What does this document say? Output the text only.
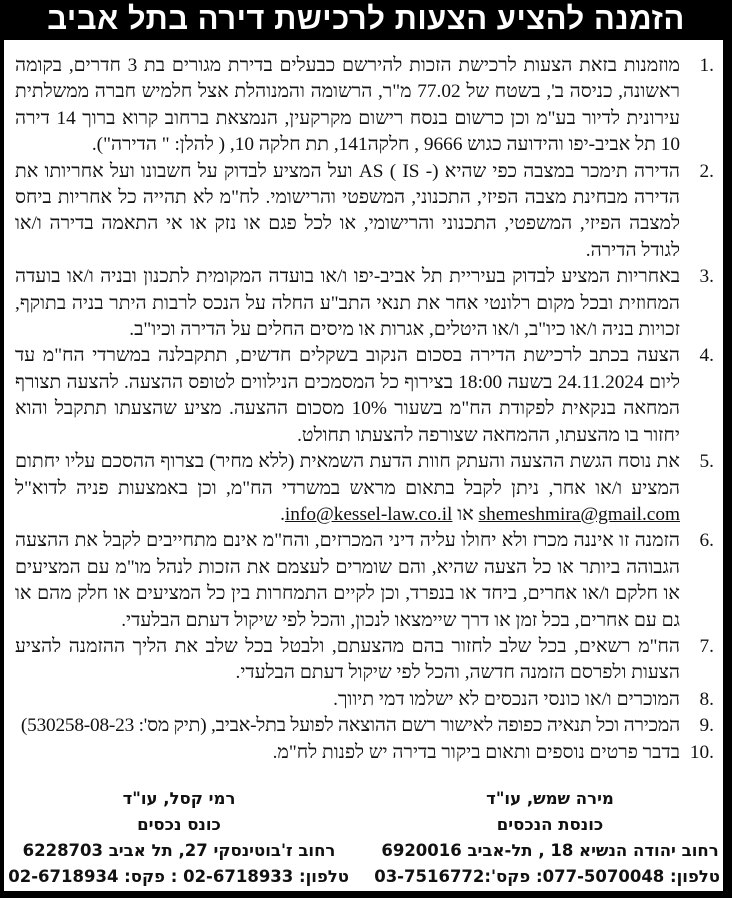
הזמנה להציע הצעות לרכישת דירה בתל אביב
1.
מוזמנות בזאת הצעות לרכישת הזכות להירשם כבעלים בדירת מגורים בת 3 חדרים, בקומה ראשונה, כניסה ב', בשטח של 77.02 מ"ר, הרשומה והמנוהלת אצל חלמיש חברה ממשלתית עירונית לדיור בע"מ וכן כרשום בנסח רישום מקרקעין, הנמצאת ברחוב קרוא ברוך 14 דירה 10 תל אביב-יפו והידועה כגוש 9666 , חלקה141, תת חלקה 10, ( להלן: " הדירה").
2.
הדירה תימכר במצבה כפי שהיא AS ( IS -) ועל המציע לבדוק על חשבונו ועל אחריותו את הדירה מבחינת מצבה הפיזי, התכנוני, המשפטי והרישומי. לח"מ לא תהייה כל אחריות ביחס למצבה הפיזי, המשפטי, התכנוני והרישומי, או לכל פגם או נזק או אי התאמה בדירה ו/או לגודל הדירה.
3.
באחריות המציע לבדוק בעיריית תל אביב-יפו ו/או בועדה המקומית לתכנון ובניה ו/או בועדה המחוזית ובכל מקום רלונטי אחר את תנאי התב"ע החלה על הנכס לרבות היתר בניה בתוקף, זכויות בניה ו/או כיו"ב, ו/או היטלים, אגרות או מיסים החלים על הדירה וכיו"ב.
4.
הצעה בכתב לרכישת הדירה בסכום הנקוב בשקלים חדשים, תתקבלנה במשרדי הח"מ עד ליום 24.11.2024 בשעה 18:00 בצירוף כל המסמכים הנילווים לטופס ההצעה. להצעה תצורף המחאה בנקאית לפקודת הח"מ בשעור 10% מסכום ההצעה. מציע שהצעתו תתקבל והוא יחזור בו מהצעתו, ההמחאה שצורפה להצעתו תחולט.
5.
את נוסח הגשת ההצעה והעתק חוות הדעת השמאית (ללא מחיר) בצרוף ההסכם עליו יחתום המציע ו/או אחר, ניתן לקבל בתאום מראש במשרדי הח"מ, וכן באמצעות פניה לדוא"ל shemeshmira@gmail.com או info@kessel-law.co.il.
6.
הזמנה זו איננה מכרז ולא יחולו עליה דיני המכרזים, והח"מ אינם מתחייבים לקבל את ההצעה הגבוהה ביותר או כל הצעה שהיא, והם שומרים לעצמם את הזכות לנהל מו"מ עם המציעים או חלקם ו/או אחרים, ביחד או בנפרד, וכן לקיים התמחרות בין כל המציעים או חלק מהם או גם עם אחרים, בכל זמן או דרך שיימצאו לנכון, והכל לפי שיקול דעתם הבלעדי.
7.
הח"מ רשאים, בכל שלב לחזור בהם מהצעתם, ולבטל בכל שלב את הליך ההזמנה להציע הצעות ולפרסם הזמנה חדשה, והכל לפי שיקול דעתם הבלעדי.
8.
המוכרים ו/או כונסי הנכסים לא ישלמו דמי תיווך.
9.
המכירה וכל תנאיה כפופה לאישור רשם ההוצאה לפועל בתל-אביב, (תיק מס': 530258-08-23)
10.
בדבר פרטים נוספים ותאום ביקור בדירה יש לפנות לח"מ.
מירה שמש, עו"ד
כונסת הנכסים
רחוב יהודה הנשיא 18 , תל-אביב 6920016
טלפון: 077-5070048: פקס':03-7516772
רמי קסל, עו"ד
כונס נכסים
רחוב ז'בוטינסקי 27, תל אביב 6228703
טלפון: 02-6718933 : פקס: 02-6718934
